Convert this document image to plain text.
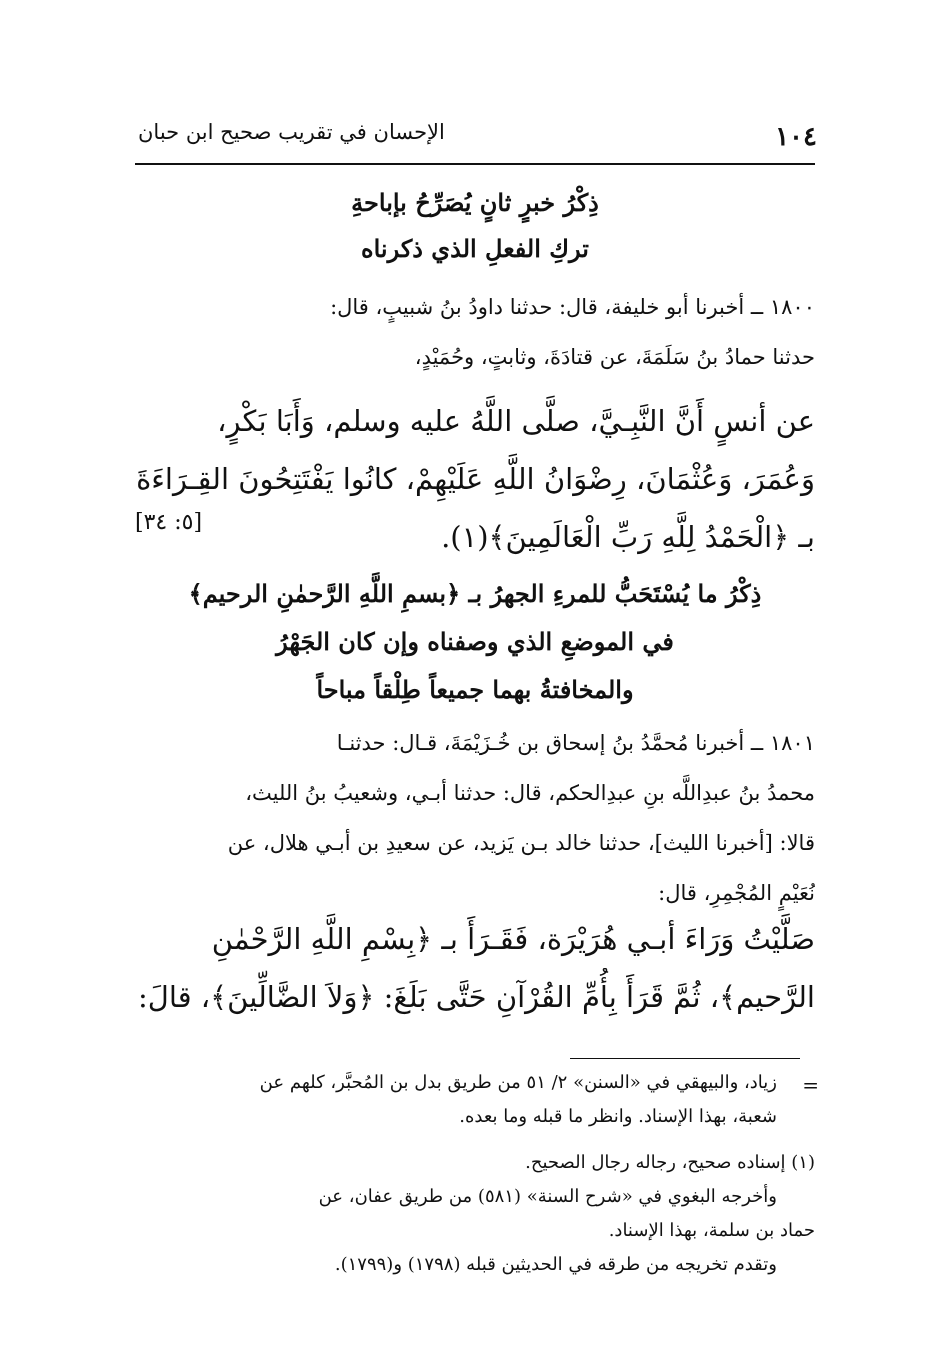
١٠٤
الإحسان في تقريب صحيح ابن حبان
ذِكْرُ خبرٍ ثانٍ يُصَرِّحُ بإباحةِ
تركِ الفعلِ الذي ذكرناه
١٨٠٠ ــ أخبرنا أبو خليفة، قال: حدثنا داودُ بنُ شبيبٍ، قال:
حدثنا حمادُ بنُ سَلَمَةَ، عن قتادَةَ، وثابتٍ، وحُمَيْدٍ،
عن أنسٍ أَنَّ النَّبِـيَّ، صلَّى اللَّهُ عليه وسلم، وَأَبَا بَكْرٍ،
وَعُمَرَ، وَعُثْمَانَ، رِضْوَانُ اللَّهِ عَلَيْهِمْ، كانُوا يَفْتَتِحُونَ القِـرَاءَةَ
بـ ﴿الْحَمْدُ لِلَّهِ رَبِّ الْعَالَمِينَ﴾(١).
[٥: ٣٤]
ذِكْرُ ما يُسْتَحَبُّ للمرءِ الجهرُ بـ ﴿بسمِ اللَّهِ الرَّحمٰنِ الرحيم﴾
في الموضعِ الذي وصفناه وإن كان الجَهْرُ
والمخافتةُ بهما جميعاً طِلْقاً مباحاً
١٨٠١ ــ أخبرنا مُحمَّدُ بنُ إسحاق بن خُـزَيْمَةَ، قـال: حدثنـا
محمدُ بنُ عبدِاللَّه بنِ عبدِالحكم، قال: حدثنا أبـي، وشعيبُ بنُ الليث،
قالا: [أخبرنا الليث]، حدثنا خالد بـن يَزيد، عن سعيدِ بن أبـي هلال، عن
نُعَيْمٍ المُجْمِرِ، قال:
صَلَّيْتُ وَرَاءَ أبـي هُرَيْرَة، فَقَـرَأَ بـ ﴿بِسْمِ اللَّهِ الرَّحْمٰنِ
الرَّحيم﴾، ثُمَّ قَرَأَ بِأُمِّ القُرْآنِ حَتَّى بَلَغَ: ﴿وَلاَ الضَّالِّينَ﴾، قالَ:
=
زياد، والبيهقي في «السنن» ٢/ ٥١ من طريق بدل بن المُحبَّر، كلهم عن
شعبة، بهذا الإسناد. وانظر ما قبله وما بعده.
(١) إسناده صحيح، رجاله رجال الصحيح.
وأخرجه البغوي في «شرح السنة» (٥٨١) من طريق عفان، عن
حماد بن سلمة، بهذا الإسناد.
وتقدم تخريجه من طرقه في الحديثين قبله (١٧٩٨) و(١٧٩٩).
